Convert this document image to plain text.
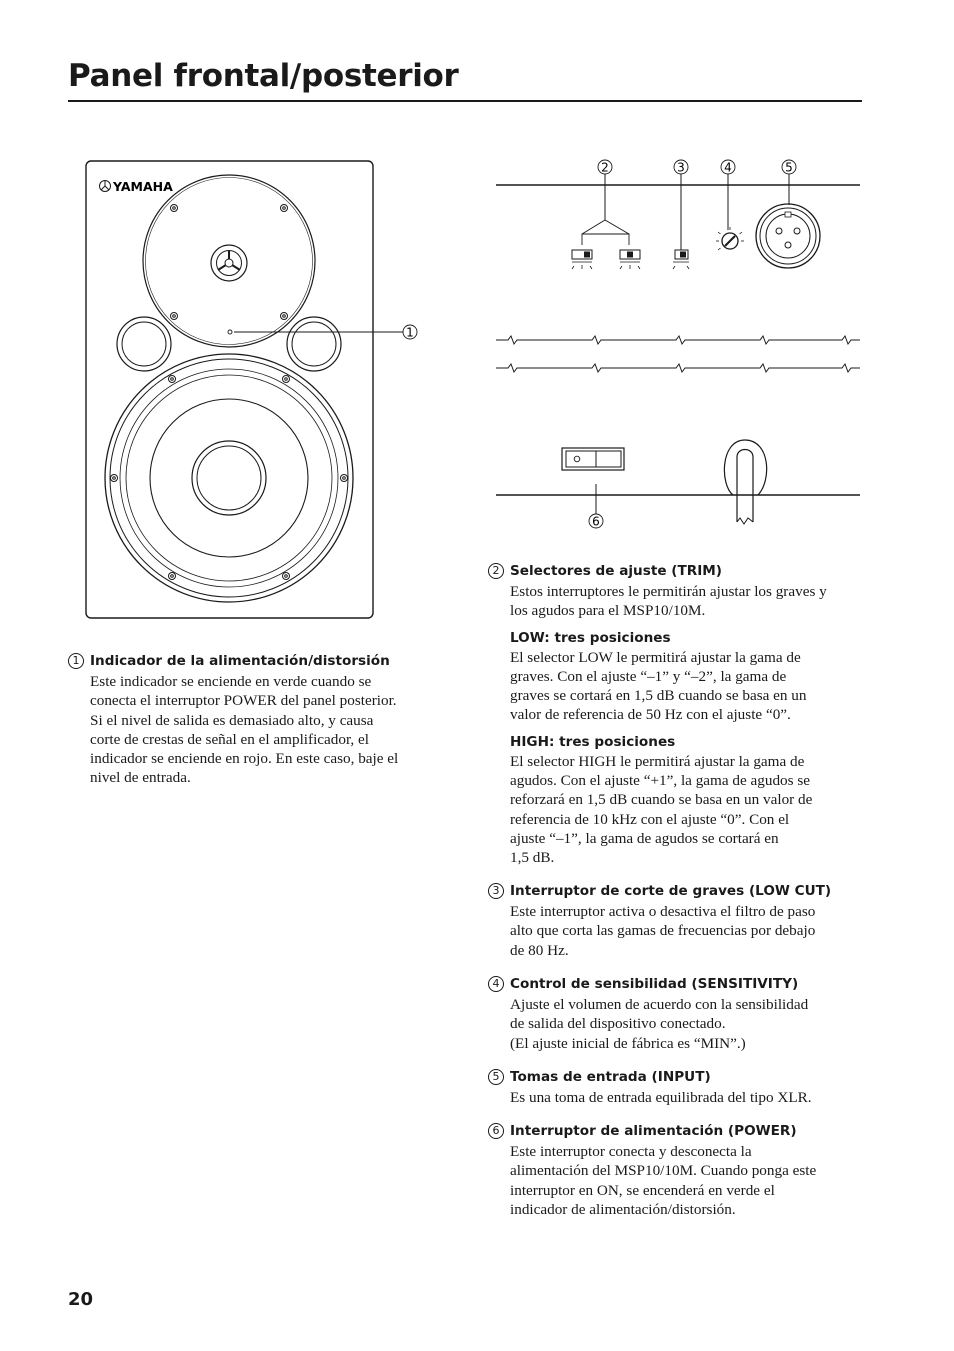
Panel frontal/posterior
YAMAHA
1
2	3	4	5
6
1 Indicador de la alimentación/distorsión
Este indicador se enciende en verde cuando se
conecta el interruptor POWER del panel posterior.
Si el nivel de salida es demasiado alto, y causa
corte de crestas de señal en el amplificador, el
indicador se enciende en rojo. En este caso, baje el
nivel de entrada.
2 Selectores de ajuste (TRIM)
Estos interruptores le permitirán ajustar los graves y
los agudos para el MSP10/10M.
LOW: tres posiciones
El selector LOW le permitirá ajustar la gama de
graves. Con el ajuste “–1” y “–2”, la gama de
graves se cortará en 1,5 dB cuando se basa en un
valor de referencia de 50 Hz con el ajuste “0”.
HIGH: tres posiciones
El selector HIGH le permitirá ajustar la gama de
agudos. Con el ajuste “+1”, la gama de agudos se
reforzará en 1,5 dB cuando se basa en un valor de
referencia de 10 kHz con el ajuste “0”. Con el
ajuste “–1”, la gama de agudos se cortará en
1,5 dB.
3 Interruptor de corte de graves (LOW CUT)
Este interruptor activa o desactiva el filtro de paso
alto que corta las gamas de frecuencias por debajo
de 80 Hz.
4 Control de sensibilidad (SENSITIVITY)
Ajuste el volumen de acuerdo con la sensibilidad
de salida del dispositivo conectado.
(El ajuste inicial de fábrica es “MIN”.)
5 Tomas de entrada (INPUT)
Es una toma de entrada equilibrada del tipo XLR.
6 Interruptor de alimentación (POWER)
Este interruptor conecta y desconecta la
alimentación del MSP10/10M. Cuando ponga este
interruptor en ON, se encenderá en verde el
indicador de alimentación/distorsión.
20
